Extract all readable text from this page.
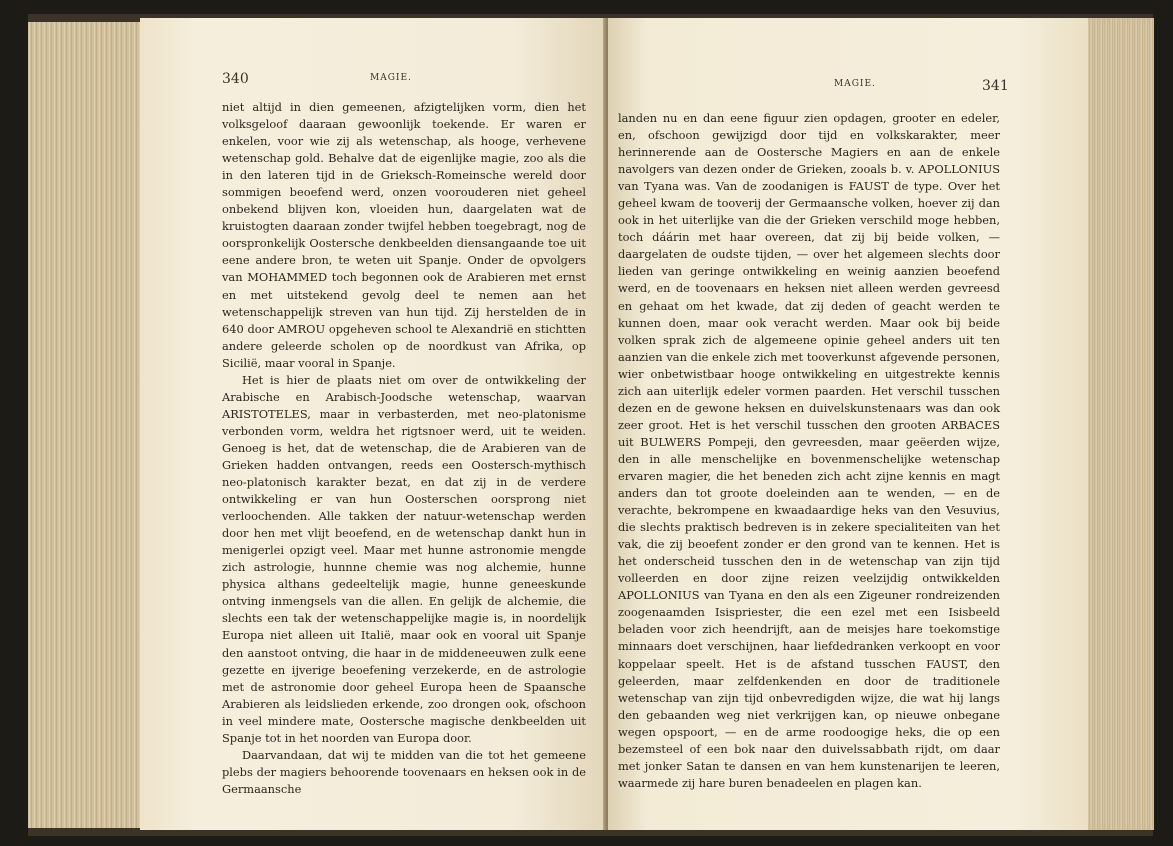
340	MAGIE.

niet altijd in dien gemeenen, afzigtelijken vorm, dien het volksgeloof daaraan gewoonlijk toekende. Er waren er enkelen, voor wie zij als wetenschap, als hooge, verhevene wetenschap gold. Behalve dat de eigenlijke magie, zoo als die in den lateren tijd in de Grieksch-Romeinsche wereld door sommigen beoefend werd, onzen voorouderen niet geheel onbekend blijven kon, vloeiden hun, daargelaten wat de kruistogten daaraan zonder twijfel hebben toegebragt, nog de oorspronkelijk Oostersche denkbeelden diensangaande toe uit eene andere bron, te weten uit Spanje. Onder de opvolgers van MOHAMMED toch begonnen ook de Arabieren met ernst en met uitstekend gevolg deel te nemen aan het wetenschappelijk streven van hun tijd. Zij herstelden de in 640 door AMROU opgeheven school te Alexandrië en stichtten andere geleerde scholen op de noordkust van Afrika, op Sicilië, maar vooral in Spanje.

Het is hier de plaats niet om over de ontwikkeling der Arabische en Arabisch-Joodsche wetenschap, waarvan ARISTOTELES, maar in verbasterden, met neo-platonisme verbonden vorm, weldra het rigtsnoer werd, uit te weiden. Genoeg is het, dat de wetenschap, die de Arabieren van de Grieken hadden ontvangen, reeds een Oostersch-mythisch neo-platonisch karakter bezat, en dat zij in de verdere ontwikkeling er van hun Oosterschen oorsprong niet verloochenden. Alle takken der natuur-wetenschap werden door hen met vlijt beoefend, en de wetenschap dankt hun in menigerlei opzigt veel. Maar met hunne astronomie mengde zich astrologie, hunnne chemie was nog alchemie, hunne physica althans gedeeltelijk magie, hunne geneeskunde ontving inmengsels van die allen. En gelijk de alchemie, die slechts een tak der wetenschappelijke magie is, in noordelijk Europa niet alleen uit Italië, maar ook en vooral uit Spanje den aanstoot ontving, die haar in de middeneeuwen zulk eene gezette en ijverige beoefening verzekerde, en de astrologie met de astronomie door geheel Europa heen de Spaansche Arabieren als leidslieden erkende, zoo drongen ook, ofschoon in veel mindere mate, Oostersche magische denkbeelden uit Spanje tot in het noorden van Europa door.

Daarvandaan, dat wij te midden van die tot het gemeene plebs der magiers behoorende toovenaars en heksen ook in de Germaansche

MAGIE.	341

landen nu en dan eene figuur zien opdagen, grooter en edeler, en, ofschoon gewijzigd door tijd en volkskarakter, meer herinnerende aan de Oostersche Magiers en aan de enkele navolgers van dezen onder de Grieken, zooals b. v. APOLLONIUS van Tyana was. Van de zoodanigen is FAUST de type. Over het geheel kwam de tooverij der Germaansche volken, hoever zij dan ook in het uiterlijke van die der Grieken verschild moge hebben, toch dáárin met haar overeen, dat zij bij beide volken, — daargelaten de oudste tijden, — over het algemeen slechts door lieden van geringe ontwikkeling en weinig aanzien beoefend werd, en de toovenaars en heksen niet alleen werden gevreesd en gehaat om het kwade, dat zij deden of geacht werden te kunnen doen, maar ook veracht werden. Maar ook bij beide volken sprak zich de algemeene opinie geheel anders uit ten aanzien van die enkele zich met tooverkunst afgevende personen, wier onbetwistbaar hooge ontwikkeling en uitgestrekte kennis zich aan uiterlijk edeler vormen paarden. Het verschil tusschen dezen en de gewone heksen en duivelskunstenaars was dan ook zeer groot. Het is het verschil tusschen den grooten ARBACES uit BULWERS Pompeji, den gevreesden, maar geëerden wijze, den in alle menschelijke en bovenmenschelijke wetenschap ervaren magier, die het beneden zich acht zijne kennis en magt anders dan tot groote doeleinden aan te wenden, — en de verachte, bekrompene en kwaadaardige heks van den Vesuvius, die slechts praktisch bedreven is in zekere specialiteiten van het vak, die zij beoefent zonder er den grond van te kennen. Het is het onderscheid tusschen den in de wetenschap van zijn tijd volleerden en door zijne reizen veelzijdig ontwikkelden APOLLONIUS van Tyana en den als een Zigeuner rondreizenden zoogenaamden Isispriester, die een ezel met een Isisbeeld beladen voor zich heendrijft, aan de meisjes hare toekomstige minnaars doet verschijnen, haar liefdedranken verkoopt en voor koppelaar speelt. Het is de afstand tusschen FAUST, den geleerden, maar zelfdenkenden en door de traditionele wetenschap van zijn tijd onbevredigden wijze, die wat hij langs den gebaanden weg niet verkrijgen kan, op nieuwe onbegane wegen opspoort, — en de arme roodoogige heks, die op een bezemsteel of een bok naar den duivelssabbath rijdt, om daar met jonker Satan te dansen en van hem kunstenarijen te leeren, waarmede zij hare buren benadeelen en plagen kan.
